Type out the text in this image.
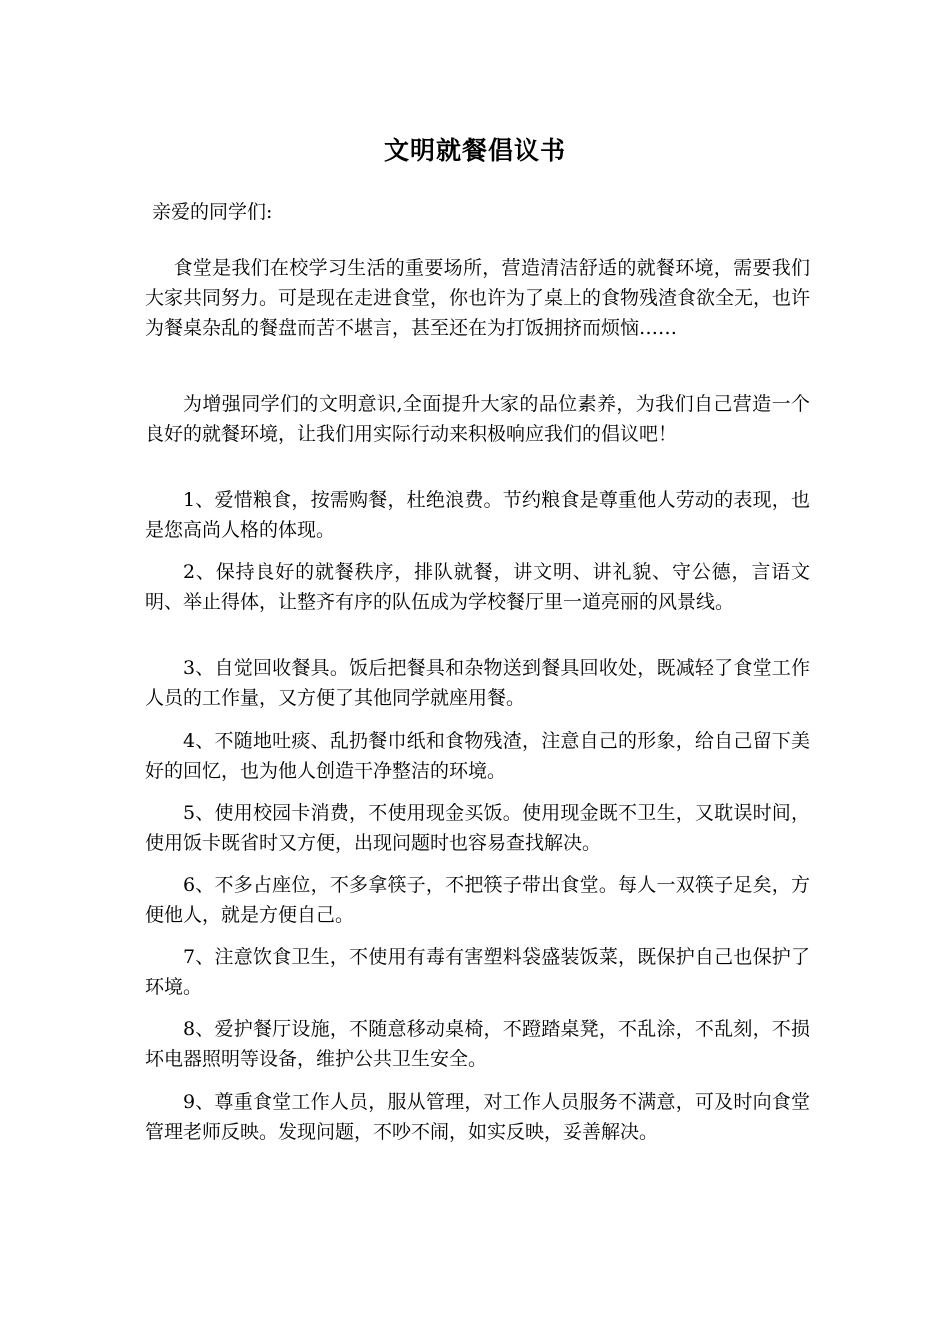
文明就餐倡议书
亲爱的同学们:
食堂是我们在校学习生活的重要场所，营造清洁舒适的就餐环境，需要我们大家共同努力。可是现在走进食堂，你也许为了桌上的食物残渣食欲全无，也许为餐桌杂乱的餐盘而苦不堪言，甚至还在为打饭拥挤而烦恼……
为增强同学们的文明意识,全面提升大家的品位素养，为我们自己营造一个良好的就餐环境，让我们用实际行动来积极响应我们的倡议吧！
1、爱惜粮食，按需购餐，杜绝浪费。节约粮食是尊重他人劳动的表现，也是您高尚人格的体现。
2、保持良好的就餐秩序，排队就餐，讲文明、讲礼貌、守公德，言语文明、举止得体，让整齐有序的队伍成为学校餐厅里一道亮丽的风景线。
3、自觉回收餐具。饭后把餐具和杂物送到餐具回收处，既减轻了食堂工作人员的工作量，又方便了其他同学就座用餐。
4、不随地吐痰、乱扔餐巾纸和食物残渣，注意自己的形象，给自己留下美好的回忆，也为他人创造干净整洁的环境。
5、使用校园卡消费，不使用现金买饭。使用现金既不卫生，又耽误时间，使用饭卡既省时又方便，出现问题时也容易查找解决。
6、不多占座位，不多拿筷子，不把筷子带出食堂。每人一双筷子足矣，方便他人，就是方便自己。
7、注意饮食卫生，不使用有毒有害塑料袋盛装饭菜，既保护自己也保护了环境。
8、爱护餐厅设施，不随意移动桌椅，不蹬踏桌凳，不乱涂，不乱刻，不损坏电器照明等设备，维护公共卫生安全。
9、尊重食堂工作人员，服从管理，对工作人员服务不满意，可及时向食堂管理老师反映。发现问题，不吵不闹，如实反映，妥善解决。
